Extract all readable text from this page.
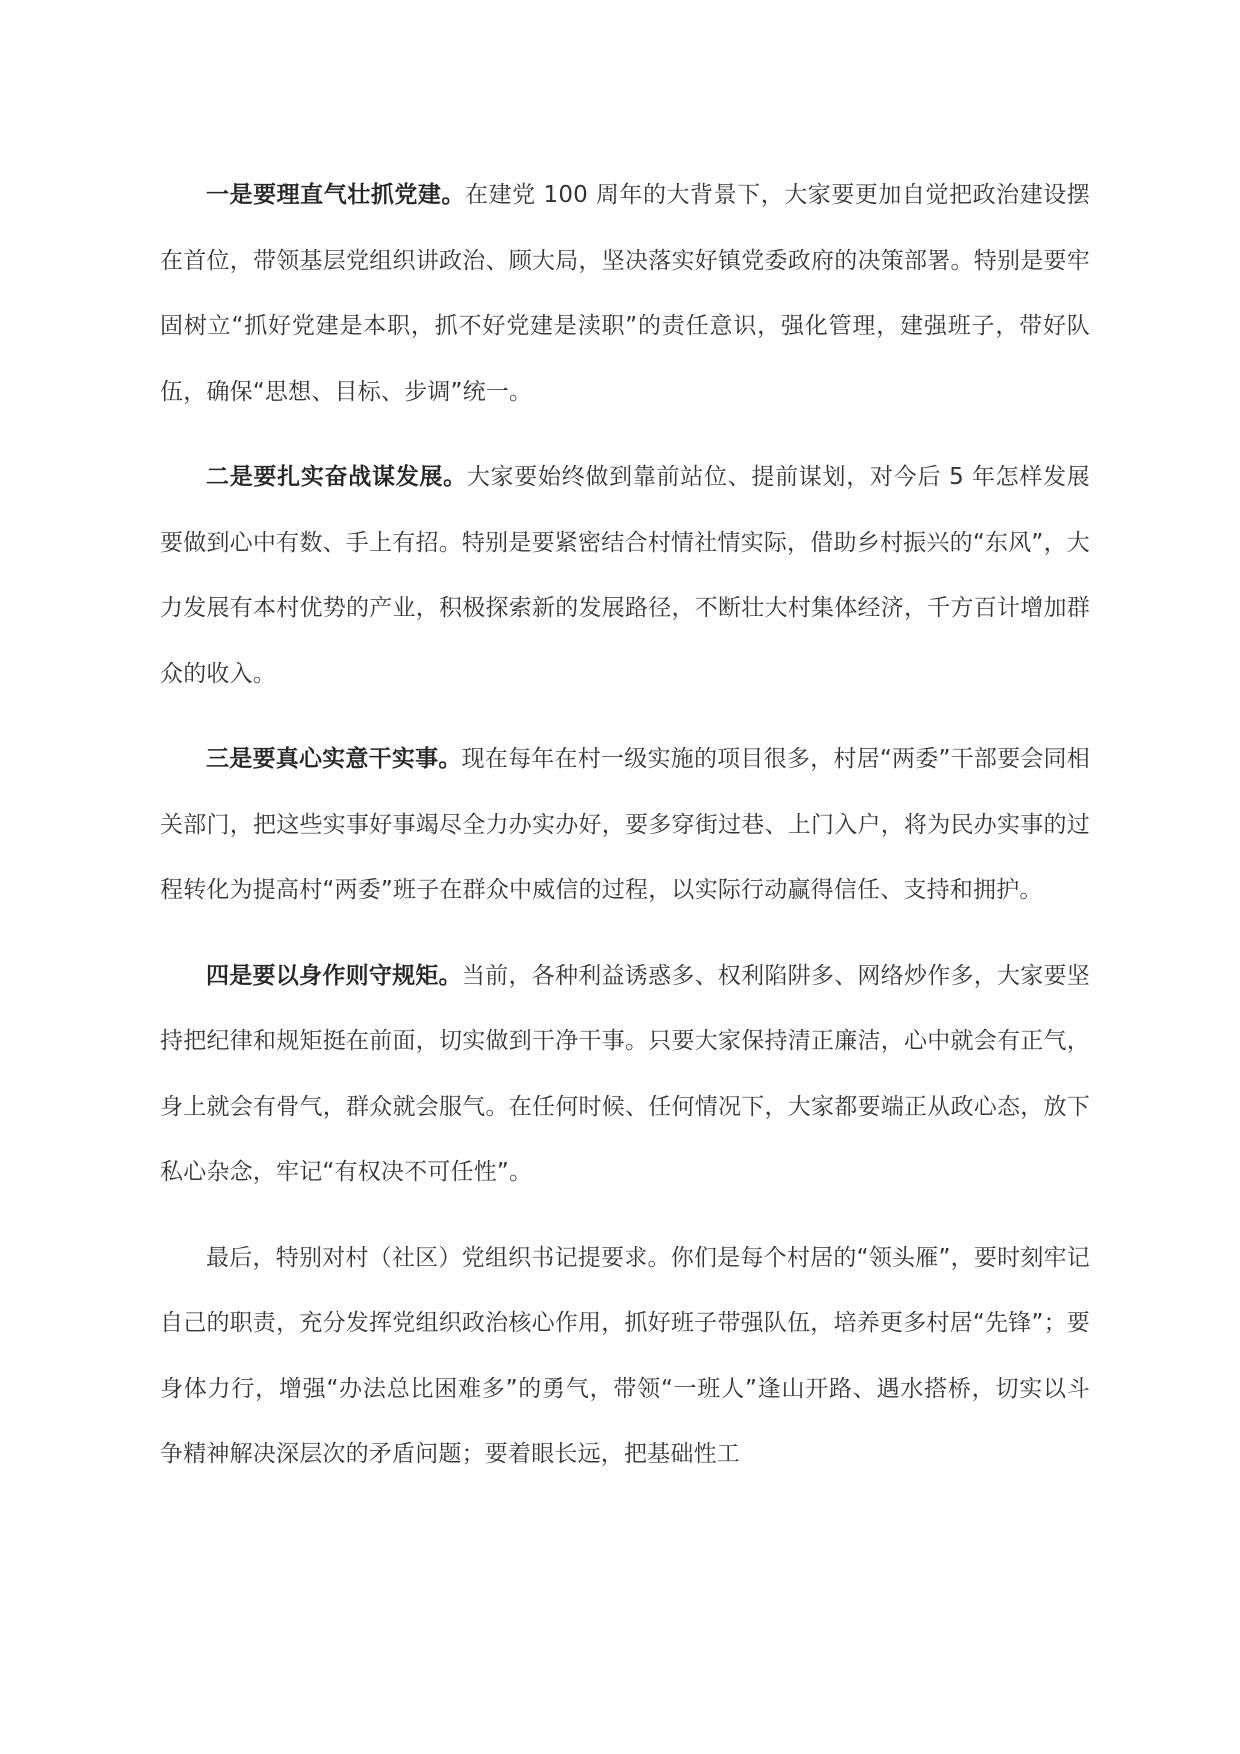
一是要理直气壮抓党建。在建党 100 周年的大背景下，大家要更加自觉把政治建设摆在首位，带领基层党组织讲政治、顾大局，坚决落实好镇党委政府的决策部署。特别是要牢固树立“抓好党建是本职，抓不好党建是渎职”的责任意识，强化管理，建强班子，带好队伍，确保“思想、目标、步调”统一。

二是要扎实奋战谋发展。大家要始终做到靠前站位、提前谋划，对今后 5 年怎样发展要做到心中有数、手上有招。特别是要紧密结合村情社情实际，借助乡村振兴的“东风”，大力发展有本村优势的产业，积极探索新的发展路径，不断壮大村集体经济，千方百计增加群众的收入。

三是要真心实意干实事。现在每年在村一级实施的项目很多，村居“两委”干部要会同相关部门，把这些实事好事竭尽全力办实办好，要多穿街过巷、上门入户，将为民办实事的过程转化为提高村“两委”班子在群众中威信的过程，以实际行动赢得信任、支持和拥护。

四是要以身作则守规矩。当前，各种利益诱惑多、权利陷阱多、网络炒作多，大家要坚持把纪律和规矩挺在前面，切实做到干净干事。只要大家保持清正廉洁，心中就会有正气，身上就会有骨气，群众就会服气。在任何时候、任何情况下，大家都要端正从政心态，放下私心杂念，牢记“有权决不可任性”。

最后，特别对村（社区）党组织书记提要求。你们是每个村居的“领头雁”，要时刻牢记自己的职责，充分发挥党组织政治核心作用，抓好班子带强队伍，培养更多村居“先锋”；要身体力行，增强“办法总比困难多”的勇气，带领“一班人”逢山开路、遇水搭桥，切实以斗争精神解决深层次的矛盾问题；要着眼长远，把基础性工
